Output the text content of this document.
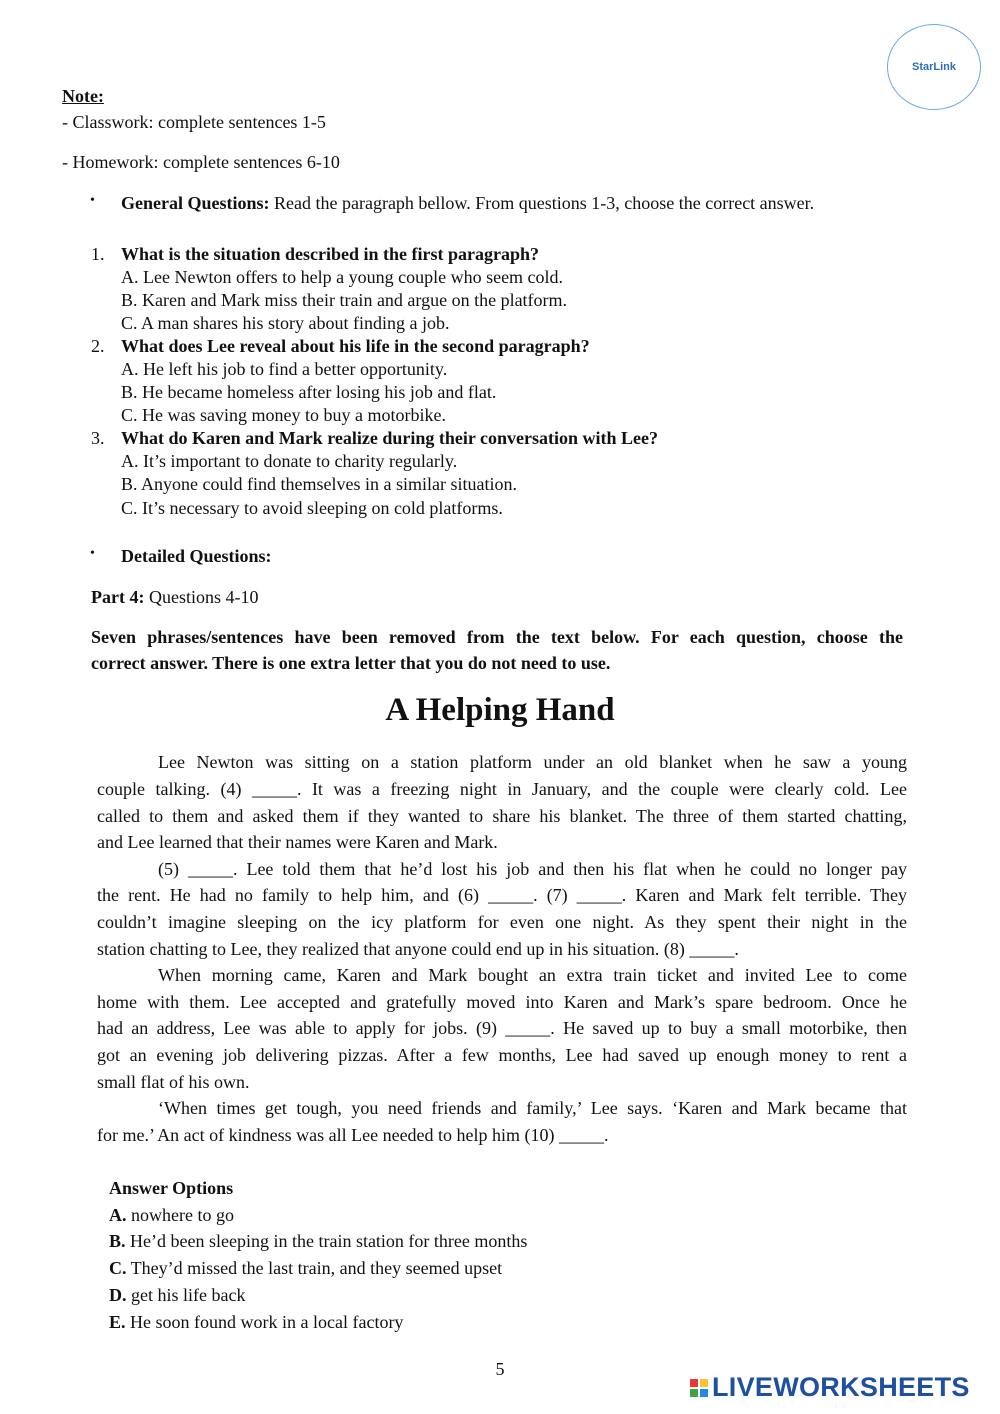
StarLink
Note:
- Classwork: complete sentences 1-5
- Homework: complete sentences 6-10
• General Questions: Read the paragraph bellow. From questions 1-3, choose the correct answer.
1. What is the situation described in the first paragraph?
A. Lee Newton offers to help a young couple who seem cold.
B. Karen and Mark miss their train and argue on the platform.
C. A man shares his story about finding a job.
2. What does Lee reveal about his life in the second paragraph?
A. He left his job to find a better opportunity.
B. He became homeless after losing his job and flat.
C. He was saving money to buy a motorbike.
3. What do Karen and Mark realize during their conversation with Lee?
A. It’s important to donate to charity regularly.
B. Anyone could find themselves in a similar situation.
C. It’s necessary to avoid sleeping on cold platforms.
• Detailed Questions:
Part 4: Questions 4-10
Seven phrases/sentences have been removed from the text below. For each question, choose the
correct answer. There is one extra letter that you do not need to use.
A Helping Hand
Lee Newton was sitting on a station platform under an old blanket when he saw a young
couple talking. (4) _____. It was a freezing night in January, and the couple were clearly cold. Lee
called to them and asked them if they wanted to share his blanket. The three of them started chatting,
and Lee learned that their names were Karen and Mark.
(5) _____. Lee told them that he’d lost his job and then his flat when he could no longer pay
the rent. He had no family to help him, and (6) _____. (7) _____. Karen and Mark felt terrible. They
couldn’t imagine sleeping on the icy platform for even one night. As they spent their night in the
station chatting to Lee, they realized that anyone could end up in his situation. (8) _____.
When morning came, Karen and Mark bought an extra train ticket and invited Lee to come
home with them. Lee accepted and gratefully moved into Karen and Mark’s spare bedroom. Once he
had an address, Lee was able to apply for jobs. (9) _____. He saved up to buy a small motorbike, then
got an evening job delivering pizzas. After a few months, Lee had saved up enough money to rent a
small flat of his own.
‘When times get tough, you need friends and family,’ Lee says. ‘Karen and Mark became that
for me.’ An act of kindness was all Lee needed to help him (10) _____.
Answer Options
A. nowhere to go
B. He’d been sleeping in the train station for three months
C. They’d missed the last train, and they seemed upset
D. get his life back
E. He soon found work in a local factory
5
LIVEWORKSHEETS
